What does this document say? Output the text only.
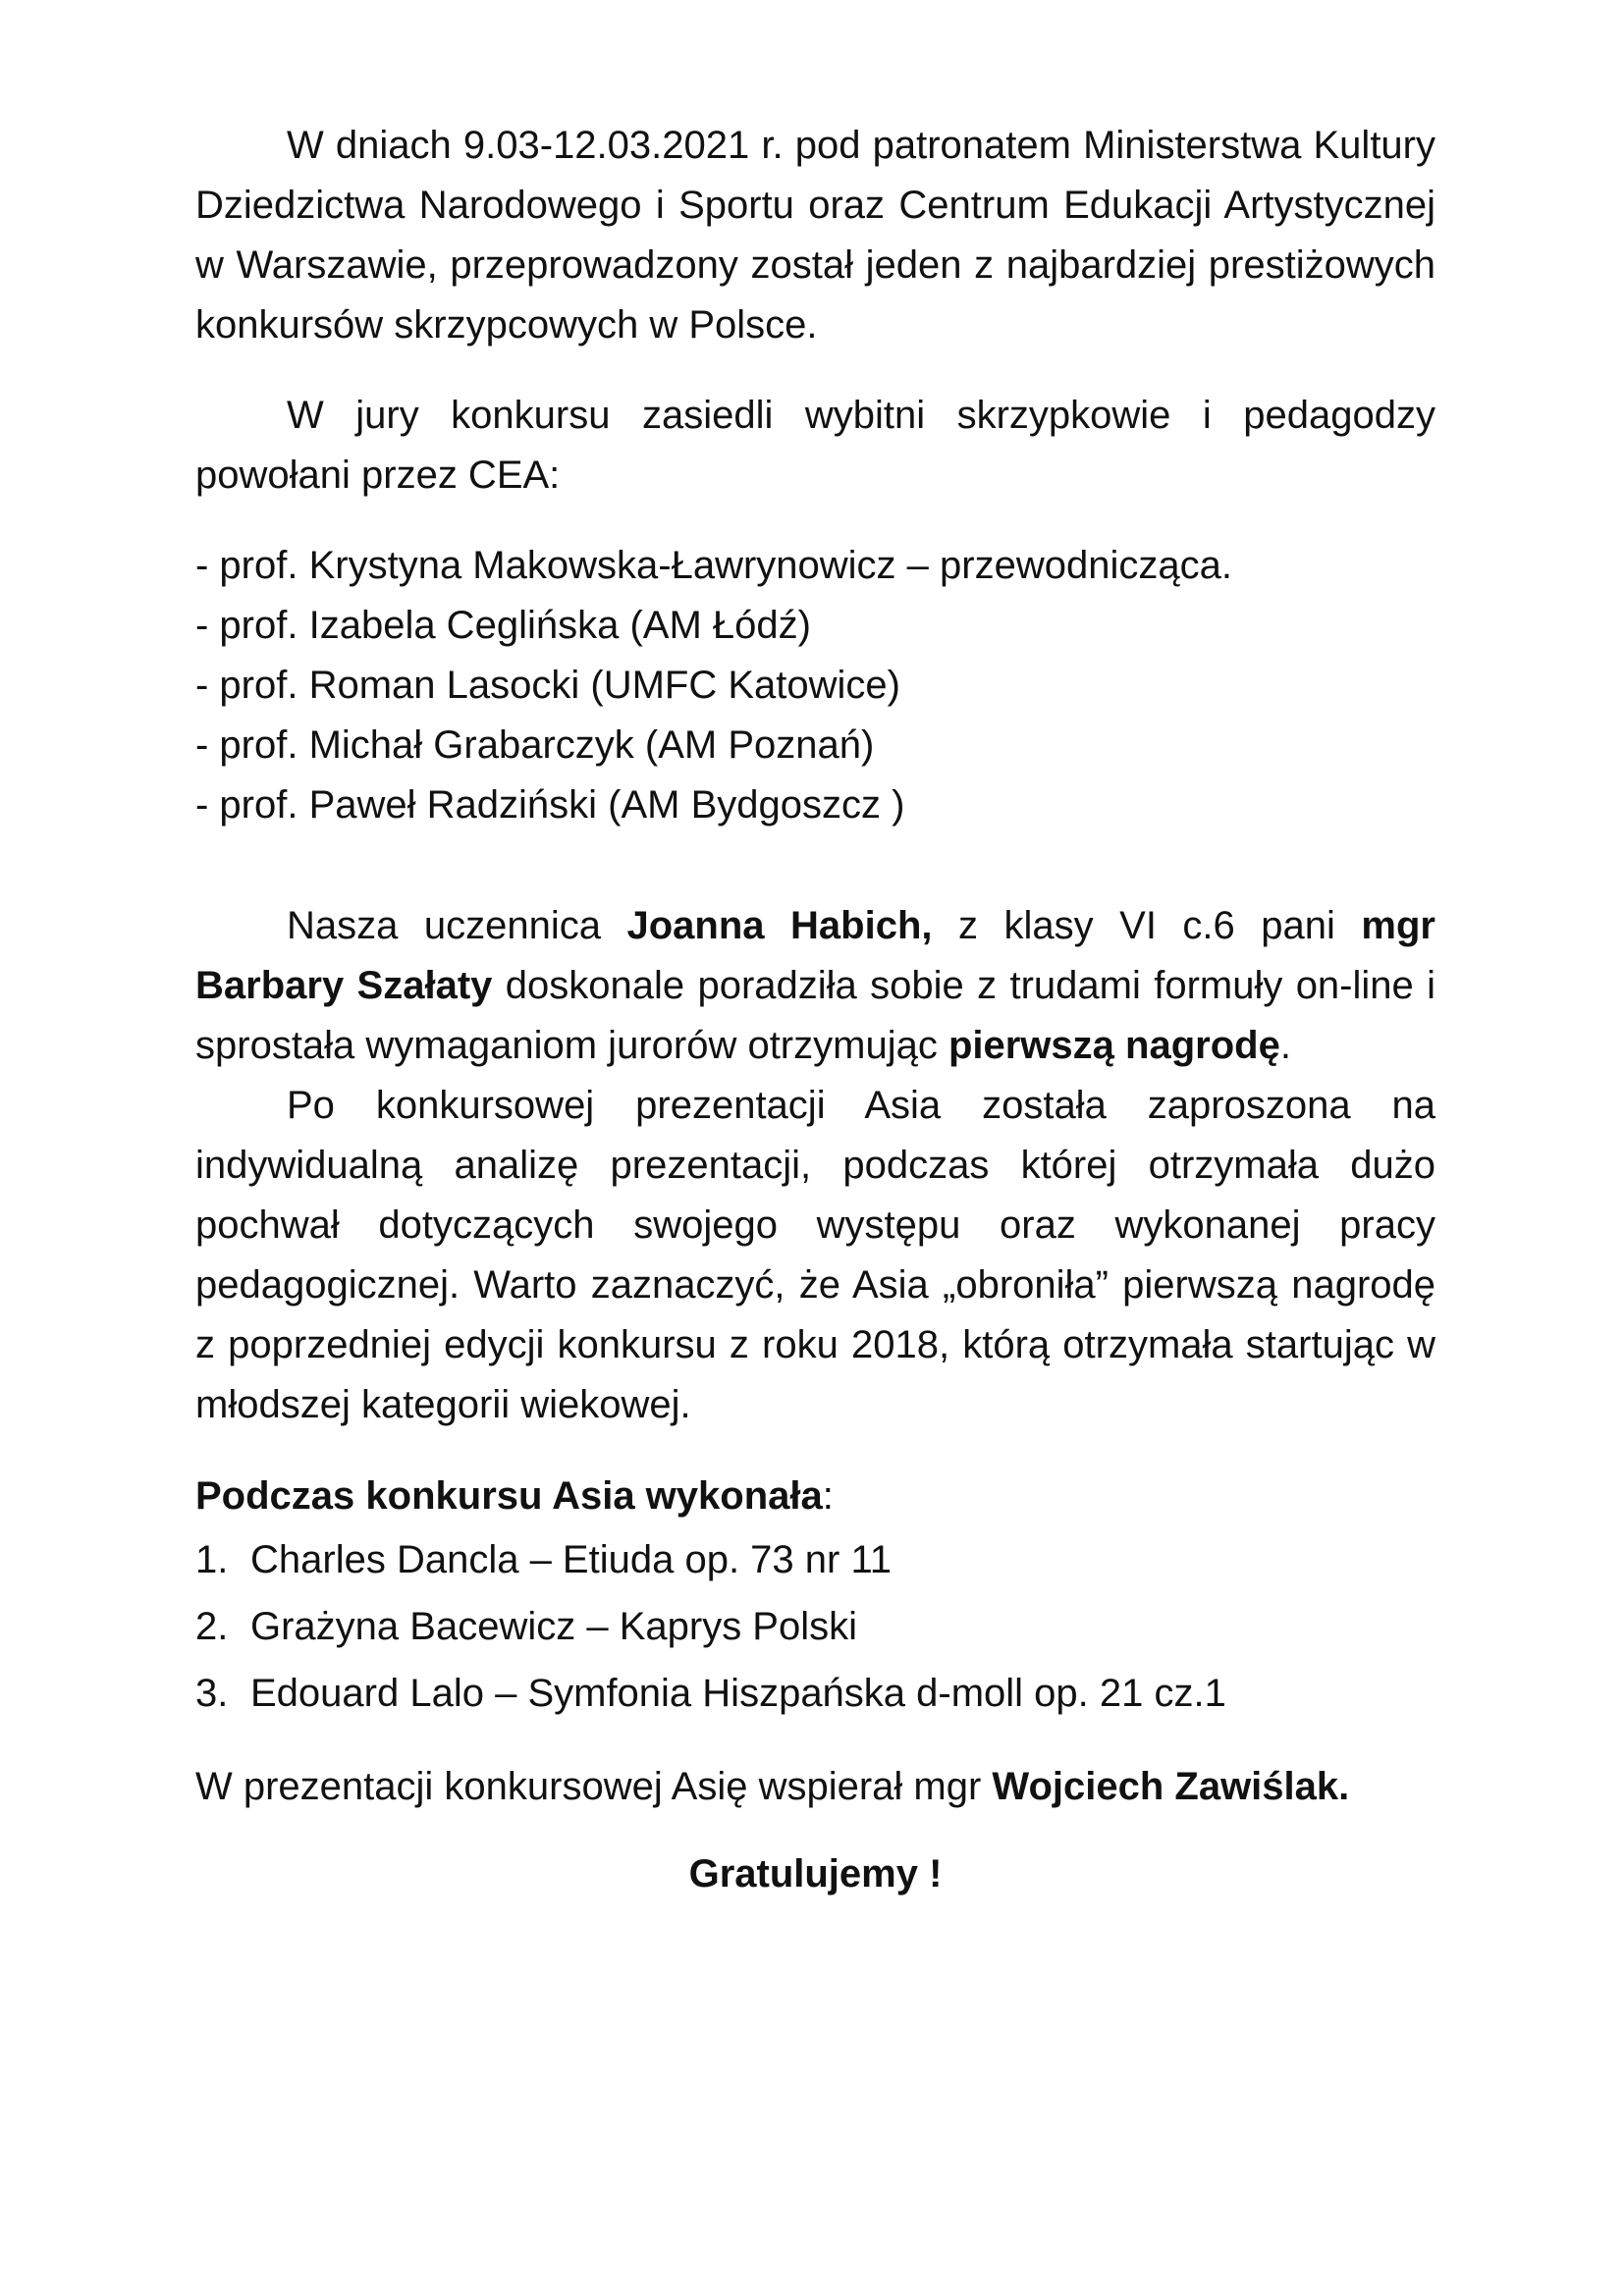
W dniach 9.03-12.03.2021 r. pod patronatem Ministerstwa Kultury Dziedzictwa Narodowego i Sportu oraz Centrum Edukacji Artystycznej w Warszawie, przeprowadzony został jeden z najbardziej prestiżowych konkursów skrzypcowych w Polsce.

W jury konkursu zasiedli wybitni skrzypkowie i pedagodzy powołani przez CEA:

- prof. Krystyna Makowska-Ławrynowicz – przewodnicząca.
- prof. Izabela Ceglińska (AM Łódź)
- prof. Roman Lasocki (UMFC Katowice)
- prof. Michał Grabarczyk (AM Poznań)
- prof. Paweł Radziński (AM Bydgoszcz )

Nasza uczennica Joanna Habich, z klasy VI c.6 pani mgr Barbary Szałaty doskonale poradziła sobie z trudami formuły on-line i sprostała wymaganiom jurorów otrzymując pierwszą nagrodę.

Po konkursowej prezentacji Asia została zaproszona na indywidualną analizę prezentacji, podczas której otrzymała dużo pochwał dotyczących swojego występu oraz wykonanej pracy pedagogicznej. Warto zaznaczyć, że Asia „obroniła” pierwszą nagrodę z poprzedniej edycji konkursu z roku 2018, którą otrzymała startując w młodszej kategorii wiekowej.

Podczas konkursu Asia wykonała:

1. Charles Dancla – Etiuda op. 73 nr 11
2. Grażyna Bacewicz – Kaprys Polski
3. Edouard Lalo – Symfonia Hiszpańska d-moll op. 21 cz.1

W prezentacji konkursowej Asię wspierał mgr Wojciech Zawiślak.

Gratulujemy !
